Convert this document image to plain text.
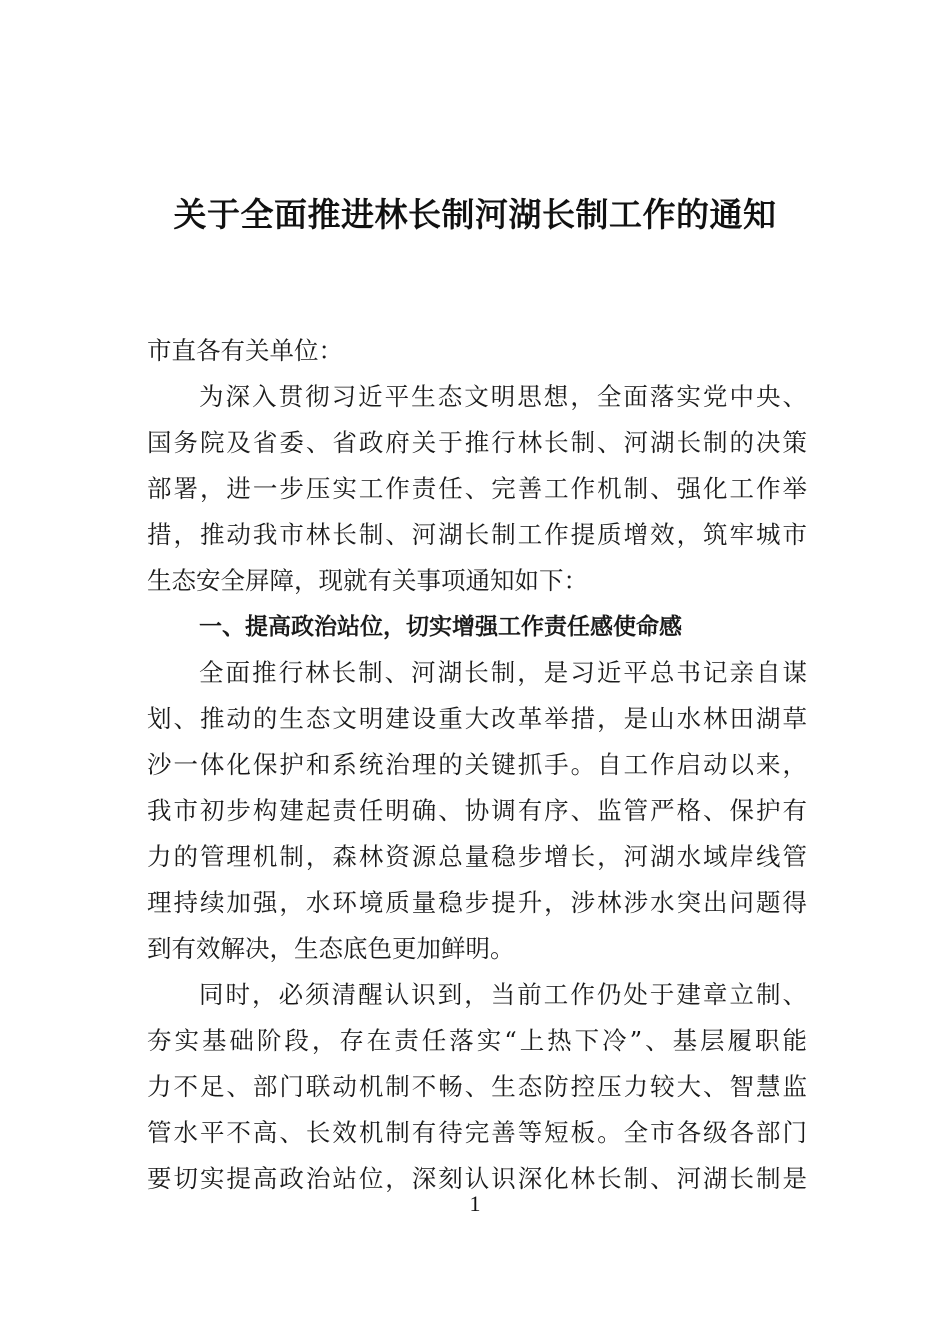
关于全面推进林长制河湖长制工作的通知
市直各有关单位：
为深入贯彻习近平生态文明思想，全面落实党中央、
国务院及省委、省政府关于推行林长制、河湖长制的决策
部署，进一步压实工作责任、完善工作机制、强化工作举
措，推动我市林长制、河湖长制工作提质增效，筑牢城市
生态安全屏障，现就有关事项通知如下：
一、提高政治站位，切实增强工作责任感使命感
全面推行林长制、河湖长制，是习近平总书记亲自谋
划、推动的生态文明建设重大改革举措，是山水林田湖草
沙一体化保护和系统治理的关键抓手。自工作启动以来，
我市初步构建起责任明确、协调有序、监管严格、保护有
力的管理机制，森林资源总量稳步增长，河湖水域岸线管
理持续加强，水环境质量稳步提升，涉林涉水突出问题得
到有效解决，生态底色更加鲜明。
同时，必须清醒认识到，当前工作仍处于建章立制、
夯实基础阶段，存在责任落实“上热下冷”、基层履职能
力不足、部门联动机制不畅、生态防控压力较大、智慧监
管水平不高、长效机制有待完善等短板。全市各级各部门
要切实提高政治站位，深刻认识深化林长制、河湖长制是
1
